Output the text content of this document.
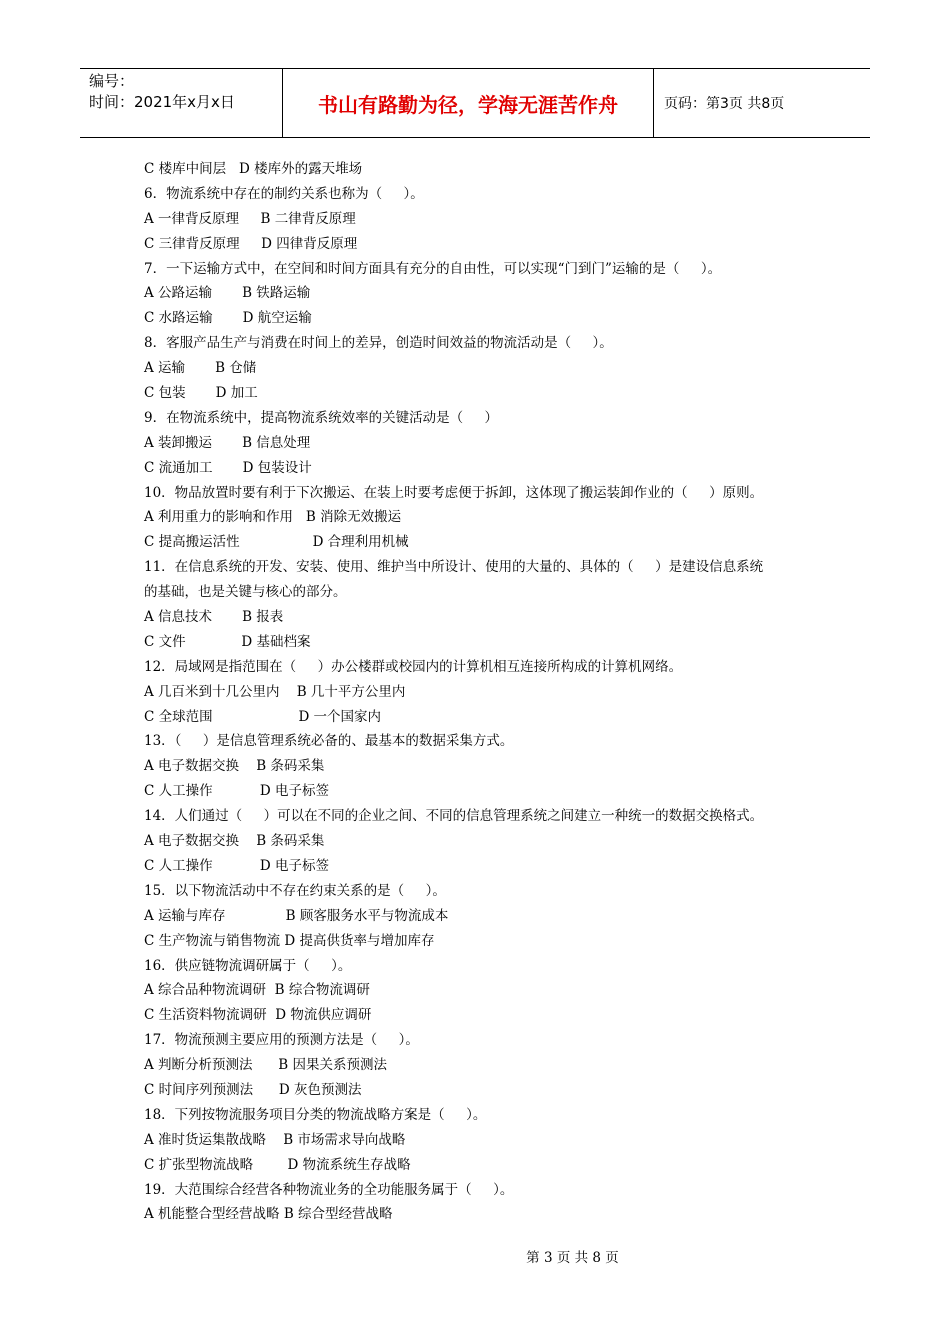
编号：
时间：2021年x月x日	书山有路勤为径，学海无涯苦作舟	页码：第3页 共8页
C 楼库中间层   D 楼库外的露天堆场
6．物流系统中存在的制约关系也称为（     ）。
A 一律背反原理     B 二律背反原理
C 三律背反原理     D 四律背反原理
7．一下运输方式中，在空间和时间方面具有充分的自由性，可以实现“门到门”运输的是（     ）。
A 公路运输       B 铁路运输
C 水路运输       D 航空运输
8．客服产品生产与消费在时间上的差异，创造时间效益的物流活动是（     ）。
A 运输       B 仓储
C 包装       D 加工
9．在物流系统中，提高物流系统效率的关键活动是（     ）
A 装卸搬运       B 信息处理
C 流通加工       D 包装设计
10．物品放置时要有利于下次搬运、在装上时要考虑便于拆卸，这体现了搬运装卸作业的（     ）原则。
A 利用重力的影响和作用   B 消除无效搬运
C 提高搬运活性                 D 合理利用机械
11．在信息系统的开发、安装、使用、维护当中所设计、使用的大量的、具体的（     ）是建设信息系统
的基础，也是关键与核心的部分。
A 信息技术       B 报表
C 文件             D 基础档案
12．局域网是指范围在（     ）办公楼群或校园内的计算机相互连接所构成的计算机网络。
A 几百米到十几公里内    B 几十平方公里内
C 全球范围                    D 一个国家内
13．（     ）是信息管理系统必备的、最基本的数据采集方式。
A 电子数据交换    B 条码采集
C 人工操作           D 电子标签
14．人们通过（     ）可以在不同的企业之间、不同的信息管理系统之间建立一种统一的数据交换格式。
A 电子数据交换    B 条码采集
C 人工操作           D 电子标签
15．以下物流活动中不存在约束关系的是（     ）。
A 运输与库存              B 顾客服务水平与物流成本
C 生产物流与销售物流 D 提高供货率与增加库存
16．供应链物流调研属于（     ）。
A 综合品种物流调研  B 综合物流调研
C 生活资料物流调研  D 物流供应调研
17．物流预测主要应用的预测方法是（     ）。
A 判断分析预测法      B 因果关系预测法
C 时间序列预测法      D 灰色预测法
18．下列按物流服务项目分类的物流战略方案是（     ）。
A 准时货运集散战略    B 市场需求导向战略
C 扩张型物流战略        D 物流系统生存战略
19．大范围综合经营各种物流业务的全功能服务属于（     ）。
A 机能整合型经营战略 B 综合型经营战略
第 3 页 共 8 页
